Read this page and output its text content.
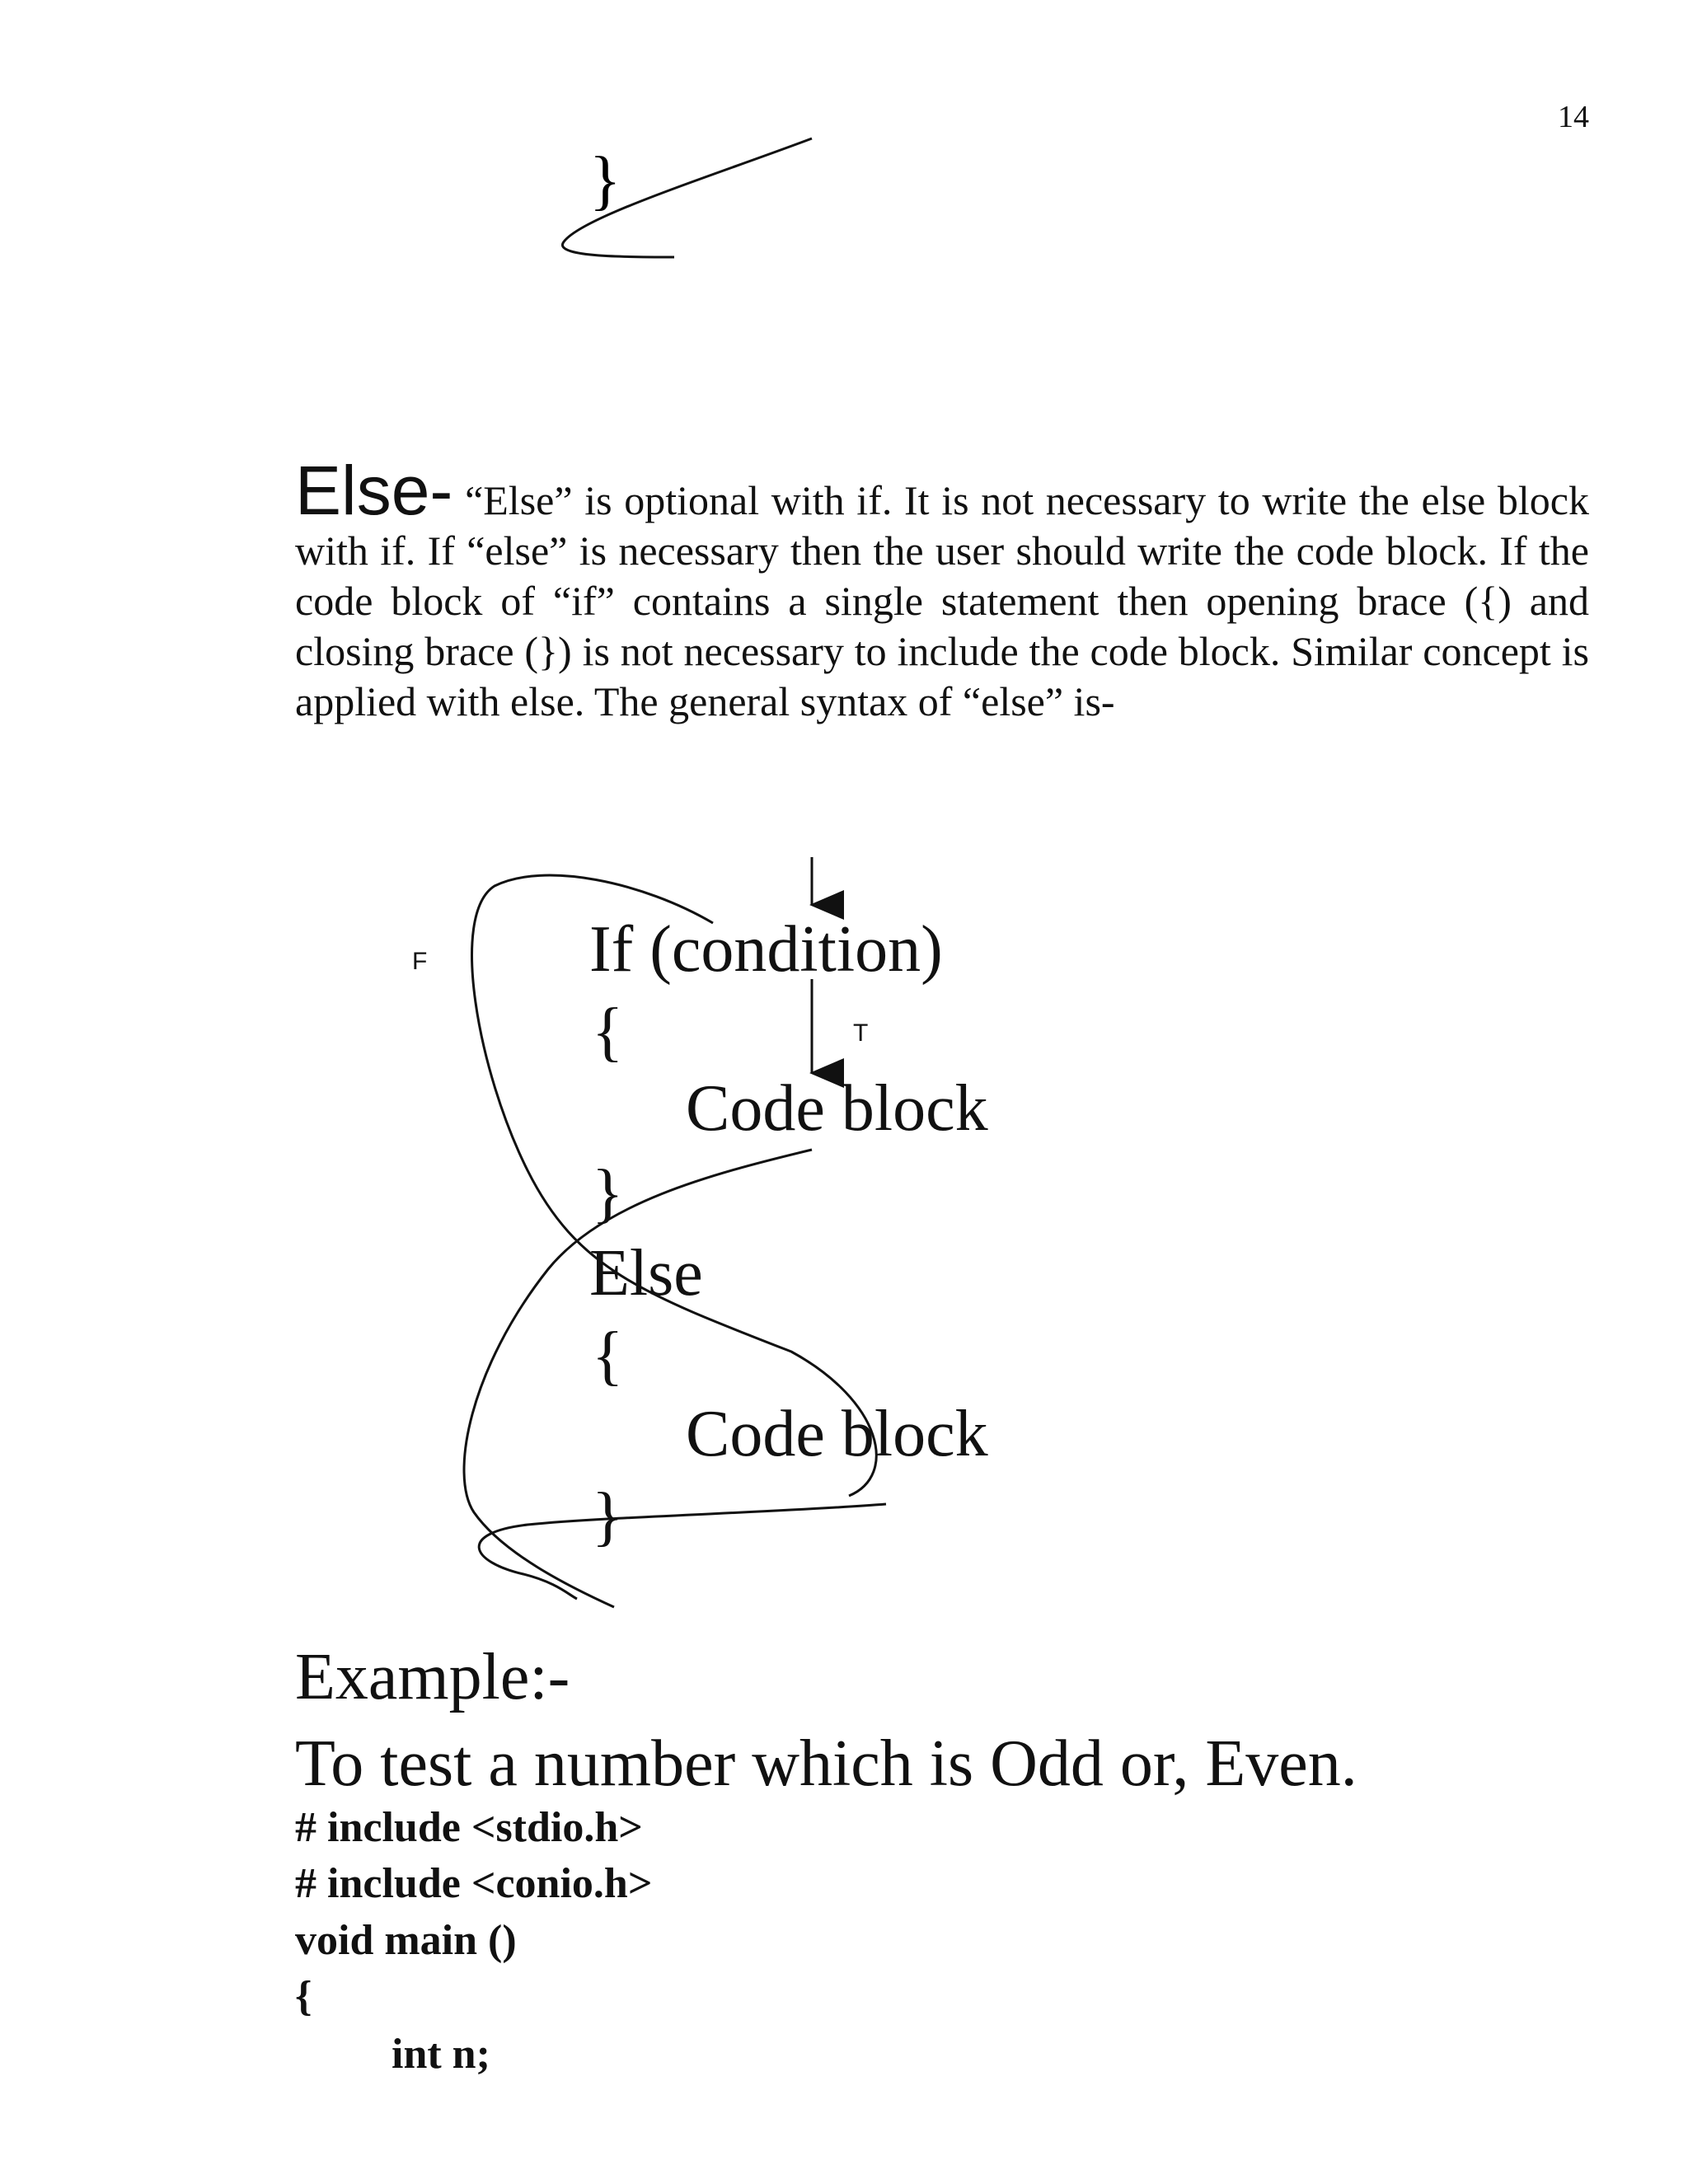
14
}
Else- “Else” is optional with if. It is not necessary to write the else block with if. If “else” is necessary then the user should write the code block. If the code block of “if” contains a single statement then opening brace ({) and closing brace (}) is not necessary to include the code block. Similar concept is applied with else. The general syntax of “else” is-
F
T
If (condition)
{
Code block
}
Else
{
Code block
}
Example:-
To test a number which is Odd or, Even.
# include <stdio.h>
# include <conio.h>
void main ()
{
int n;
